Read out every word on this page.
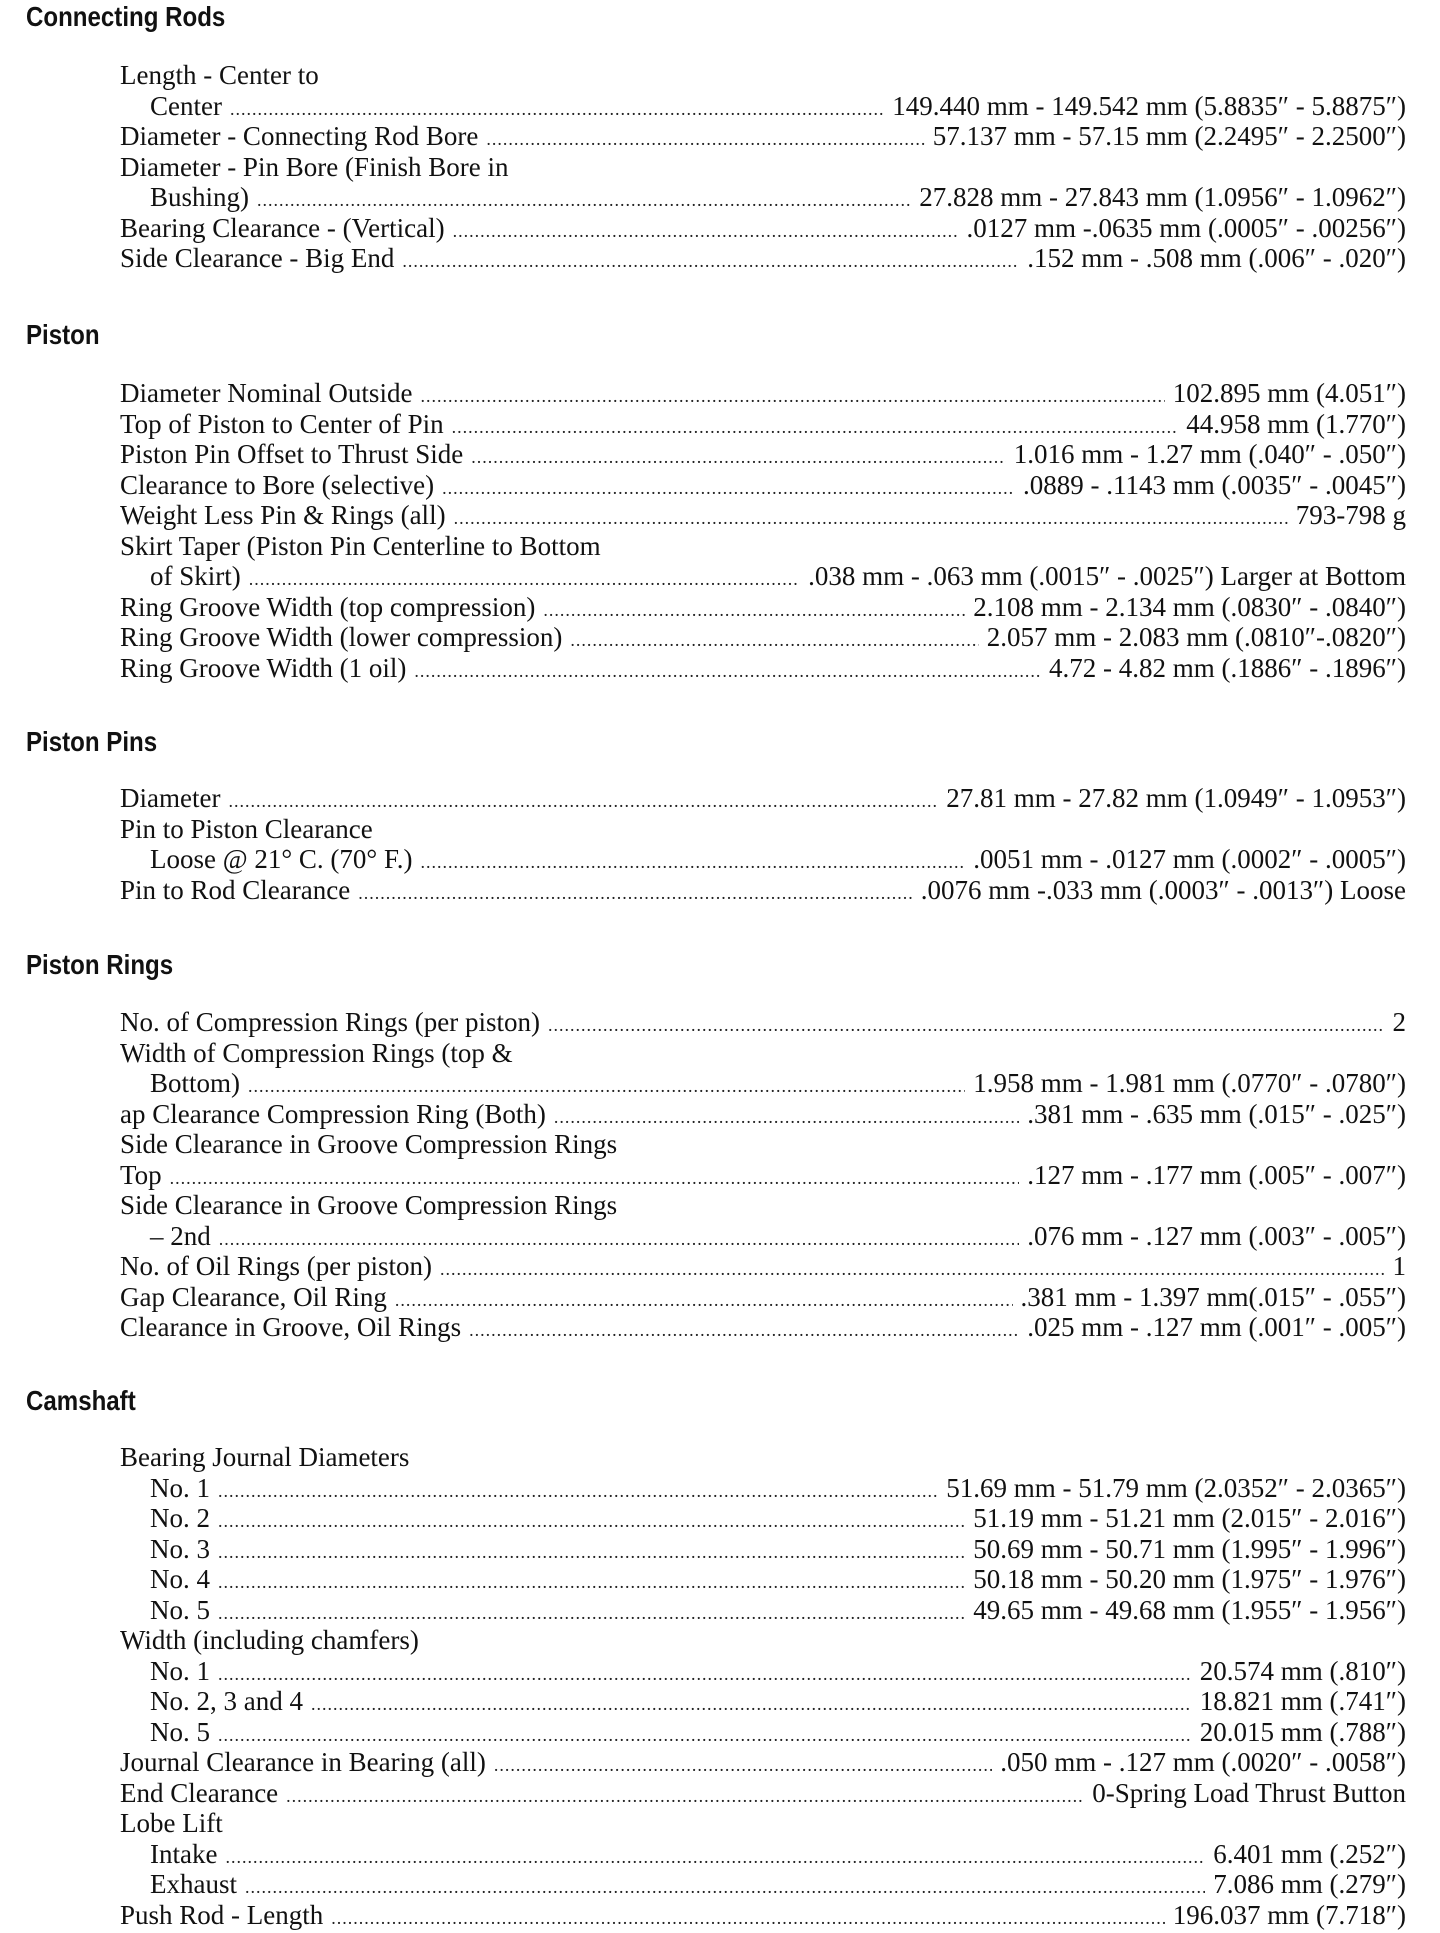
Connecting Rods
Length - Center to
Center .....	149.440 mm - 149.542 mm (5.8835″ - 5.8875″)
Diameter - Connecting Rod Bore .....	57.137 mm - 57.15 mm (2.2495″ - 2.2500″)
Diameter - Pin Bore (Finish Bore in
Bushing) .....	27.828 mm - 27.843 mm (1.0956″ - 1.0962″)
Bearing Clearance - (Vertical) .....	.0127 mm -.0635 mm (.0005″ - .00256″)
Side Clearance - Big End .....	.152 mm - .508 mm (.006″ - .020″)
Piston
Diameter Nominal Outside .....	102.895 mm (4.051″)
Top of Piston to Center of Pin .....	44.958 mm (1.770″)
Piston Pin Offset to Thrust Side .....	1.016 mm - 1.27 mm (.040″ - .050″)
Clearance to Bore (selective) .....	.0889 - .1143 mm (.0035″ - .0045″)
Weight Less Pin & Rings (all) .....	793-798 g
Skirt Taper (Piston Pin Centerline to Bottom
of Skirt) .....	.038 mm - .063 mm (.0015″ - .0025″) Larger at Bottom
Ring Groove Width (top compression) .....	2.108 mm - 2.134 mm (.0830″ - .0840″)
Ring Groove Width (lower compression) .....	2.057 mm - 2.083 mm (.0810″-.0820″)
Ring Groove Width (1 oil) .....	4.72 - 4.82 mm (.1886″ - .1896″)
Piston Pins
Diameter .....	27.81 mm - 27.82 mm (1.0949″ - 1.0953″)
Pin to Piston Clearance
Loose @ 21° C. (70° F.) .....	.0051 mm - .0127 mm (.0002″ - .0005″)
Pin to Rod Clearance .....	.0076 mm -.033 mm (.0003″ - .0013″) Loose
Piston Rings
No. of Compression Rings (per piston) .....	2
Width of Compression Rings (top &
Bottom) .....	1.958 mm - 1.981 mm (.0770″ - .0780″)
ap Clearance Compression Ring (Both) .....	.381 mm - .635 mm (.015″ - .025″)
Side Clearance in Groove Compression Rings
Top .....	.127 mm - .177 mm (.005″ - .007″)
Side Clearance in Groove Compression Rings
– 2nd .....	.076 mm - .127 mm (.003″ - .005″)
No. of Oil Rings (per piston) .....	1
Gap Clearance, Oil Ring .....	.381 mm - 1.397 mm(.015″ - .055″)
Clearance in Groove, Oil Rings .....	.025 mm - .127 mm (.001″ - .005″)
Camshaft
Bearing Journal Diameters
No. 1 .....	51.69 mm - 51.79 mm (2.0352″ - 2.0365″)
No. 2 .....	51.19 mm - 51.21 mm (2.015″ - 2.016″)
No. 3 .....	50.69 mm - 50.71 mm (1.995″ - 1.996″)
No. 4 .....	50.18 mm - 50.20 mm (1.975″ - 1.976″)
No. 5 .....	49.65 mm - 49.68 mm (1.955″ - 1.956″)
Width (including chamfers)
No. 1 .....	20.574 mm (.810″)
No. 2, 3 and 4 .....	18.821 mm (.741″)
No. 5 .....	20.015 mm (.788″)
Journal Clearance in Bearing (all) .....	.050 mm - .127 mm (.0020″ - .0058″)
End Clearance .....	0-Spring Load Thrust Button
Lobe Lift
Intake .....	6.401 mm (.252″)
Exhaust .....	7.086 mm (.279″)
Push Rod - Length .....	196.037 mm (7.718″)
